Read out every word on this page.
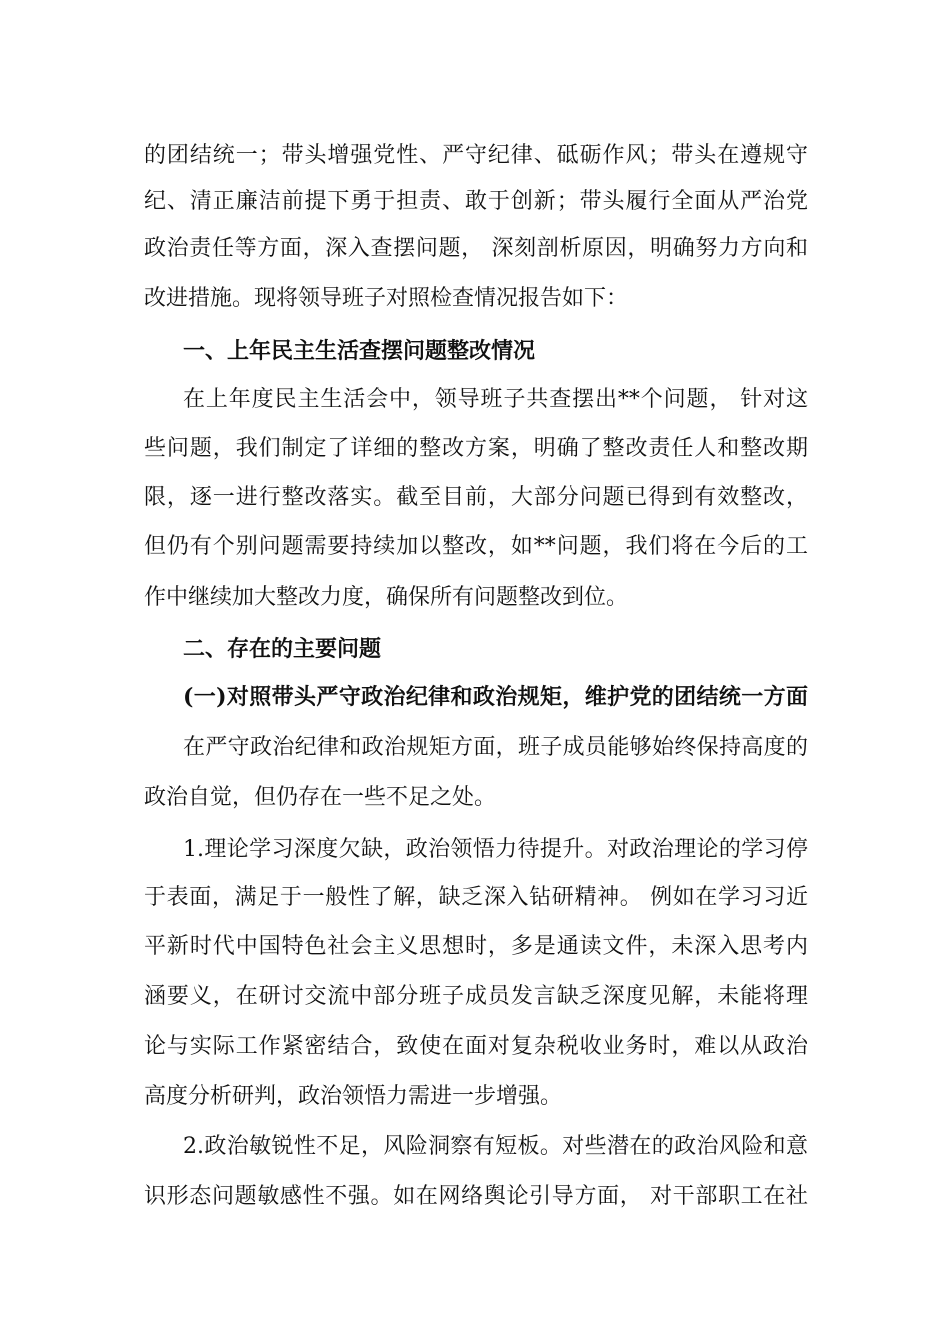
的团结统一；带头增强党性、严守纪律、砥砺作风；带头在遵规守
纪、清正廉洁前提下勇于担责、敢于创新；带头履行全面从严治党
政治责任等方面，深入查摆问题， 深刻剖析原因，明确努力方向和
改进措施。现将领导班子对照检查情况报告如下：
一、上年民主生活查摆问题整改情况
在上年度民主生活会中，领导班子共查摆出**个问题， 针对这
些问题，我们制定了详细的整改方案，明确了整改责任人和整改期
限，逐一进行整改落实。截至目前，大部分问题已得到有效整改，
但仍有个别问题需要持续加以整改，如**问题，我们将在今后的工
作中继续加大整改力度，确保所有问题整改到位。
二、存在的主要问题
(一)对照带头严守政治纪律和政治规矩，维护党的团结统一方面
在严守政治纪律和政治规矩方面，班子成员能够始终保持高度的
政治自觉，但仍存在一些不足之处。
1.理论学习深度欠缺，政治领悟力待提升。对政治理论的学习停
于表面，满足于一般性了解，缺乏深入钻研精神。 例如在学习习近
平新时代中国特色社会主义思想时，多是通读文件，未深入思考内
涵要义，在研讨交流中部分班子成员发言缺乏深度见解，未能将理
论与实际工作紧密结合，致使在面对复杂税收业务时，难以从政治
高度分析研判，政治领悟力需进一步增强。
2.政治敏锐性不足，风险洞察有短板。对些潜在的政治风险和意
识形态问题敏感性不强。如在网络舆论引导方面， 对干部职工在社
